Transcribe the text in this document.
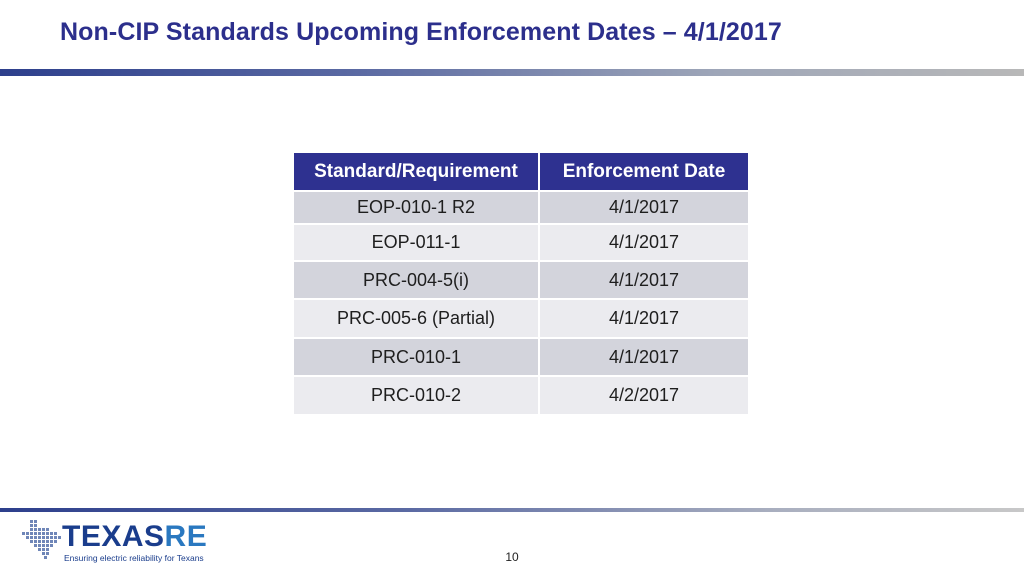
Non-CIP Standards Upcoming Enforcement Dates – 4/1/2017
Standard/Requirement	Enforcement Date
EOP-010-1 R2	4/1/2017
EOP-011-1	4/1/2017
PRC-004-5(i)	4/1/2017
PRC-005-6 (Partial)	4/1/2017
PRC-010-1	4/1/2017
PRC-010-2	4/2/2017
TEXASRE
Ensuring electric reliability for Texans	10
